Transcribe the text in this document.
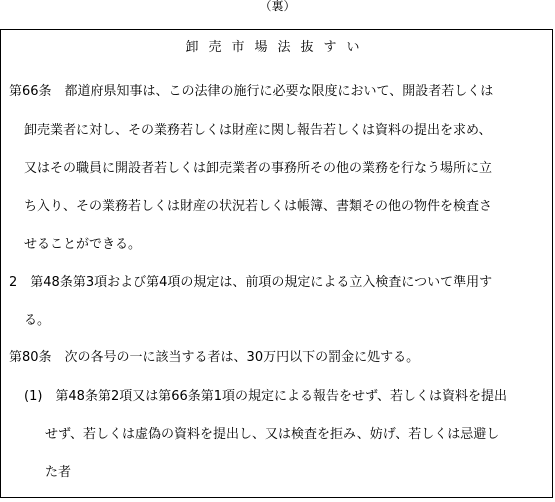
（裏）
卸売市場法抜すい
第66条　都道府県知事は、この法律の施行に必要な限度において、開設者若しくは
卸売業者に対し、その業務若しくは財産に関し報告若しくは資料の提出を求め、
又はその職員に開設者若しくは卸売業者の事務所その他の業務を行なう場所に立
ち入り、その業務若しくは財産の状況若しくは帳簿、書類その他の物件を検査さ
せることができる。
2　第48条第3項および第4項の規定は、前項の規定による立入検査について準用す
る。
第80条　次の各号の一に該当する者は、30万円以下の罰金に処する。
(1)　第48条第2項又は第66条第1項の規定による報告をせず、若しくは資料を提出
せず、若しくは虚偽の資料を提出し、又は検査を拒み、妨げ、若しくは忌避し
た者
